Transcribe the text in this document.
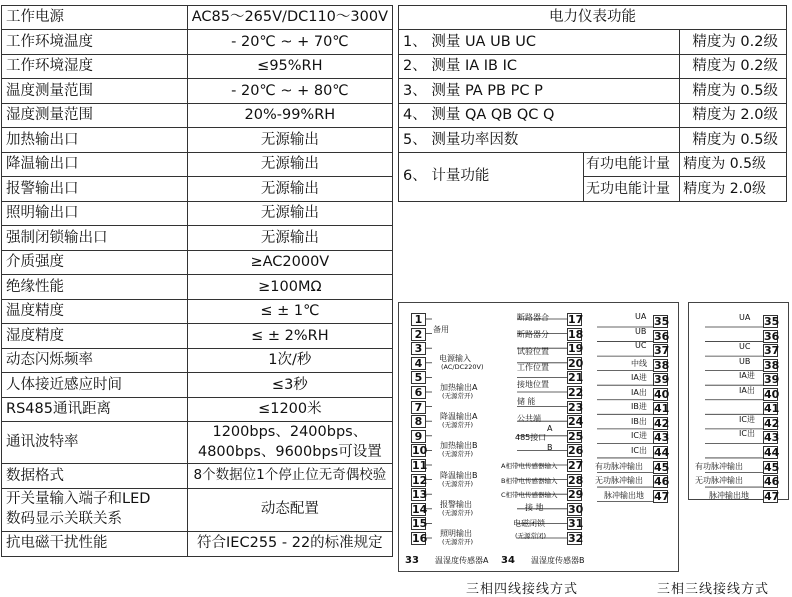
工作电源	AC85～265V/DC110～300V
工作环境温度	- 20℃ ~ + 70℃
工作环境湿度	≤95%RH
温度测量范围	- 20℃ ~ + 80℃
湿度测量范围	20%-99%RH
加热输出口	无源输出
降温输出口	无源输出
报警输出口	无源输出
照明输出口	无源输出
强制闭锁输出口	无源输出
介质强度	≥AC2000V
绝缘性能	≥100MΩ
温度精度	≤ ± 1℃
湿度精度	≤ ± 2%RH
动态闪烁频率	1次/秒
人体接近感应时间	≤3秒
RS485通讯距离	≤1200米
通讯波特率	1200bps、2400bps、
4800bps、9600bps可设置
数据格式	8个数据位1个停止位无奇偶校验
开关量输入端子和LED
数码显示关联关系	动态配置
抗电磁干扰性能	符合IEC255 - 22的标准规定
电力仪表功能		
1、 测量 UA UB UC		精度为 0.2级
2、 测量 IA IB IC		精度为 0.2级
3、 测量 PA PB PC P		精度为 0.5级
4、 测量 QA QB QC Q		精度为 2.0级
5、 测量功率因数		精度为 0.5级
6、 计量功能	有功电能计量	精度为 0.5级
	无功电能计量	精度为 2.0级
1
2
3
4
5
6
7
8
9
10
11
12
13
14
15
16
备用
电源输入
(AC/DC220V)
加热输出A
(无源常开)
降温输出A
(无源常开)
加热输出B
(无源常开)
降温输出B
(无源常开)
报警输出
(无源常开)
照明输出
(无源常开)
17
18
19
20
21
22
23
24
25
26
27
28
29
30
31
32
断路器合
断路器分
试验位置
工作位置
接地位置
储 能
公共端
485接口
A
B
A相带电传感器输入
B相带电传感器输入
C相带电传感器输入
接 地
电磁闭锁
(无源常闭)
33 温湿度传感器A 34 温湿度传感器B
35
36
37
38
39
40
41
42
43
44
45
46
47
UA
UB
UC
中线
IA进
IA出
IB进
IB出
IC进
IC出
有功脉冲输出
无功脉冲输出
脉冲输出地
35
36
37
38
39
40
41
42
43
44
45
46
47
UA
UC
UB
IA进
IA出
IC进
IC出
有功脉冲输出
无功脉冲输出
脉冲输出地
三相四线接线方式	三相三线接线方式
